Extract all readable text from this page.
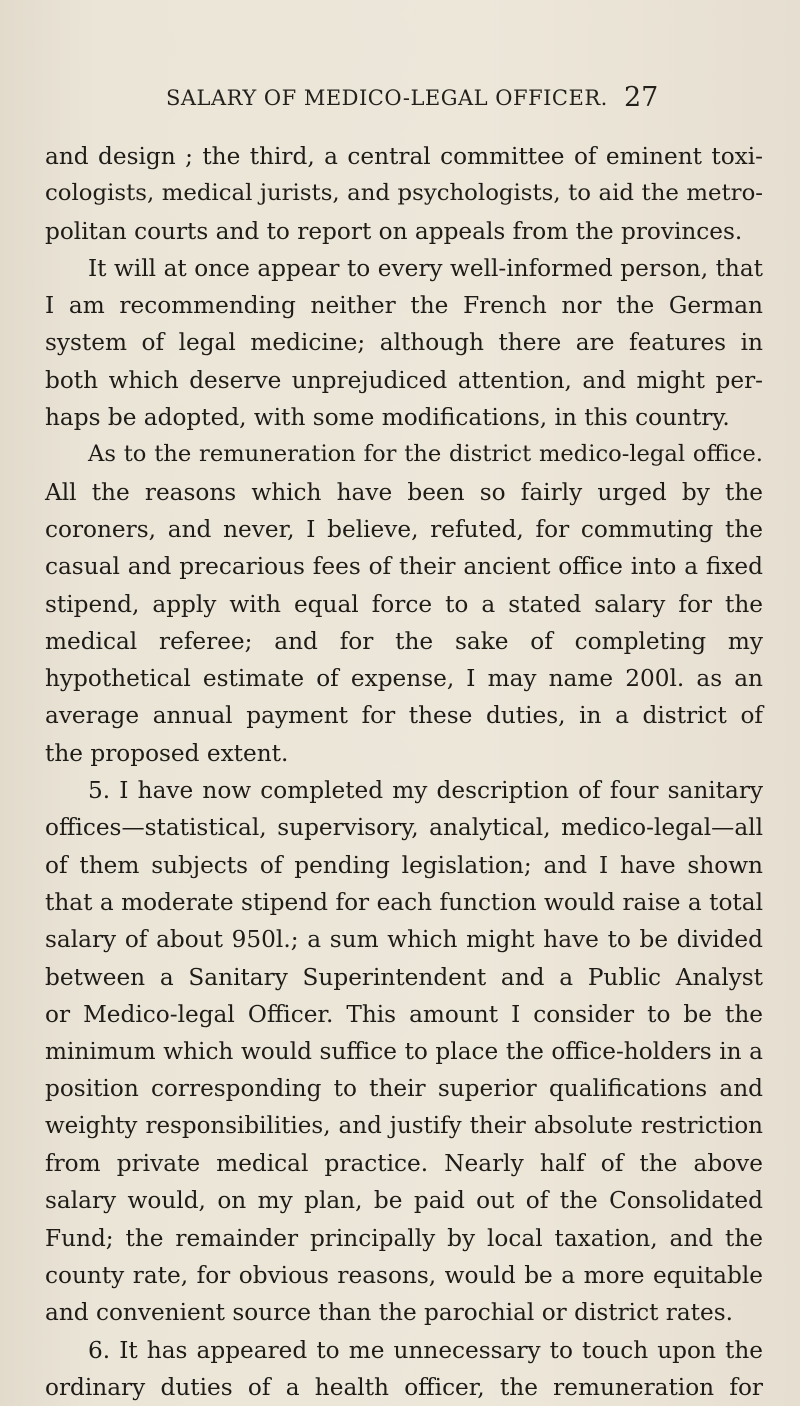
SALARY OF MEDICO-LEGAL OFFICER. 27
and design ; the third, a central committee of eminent toxi-
cologists, medical jurists, and psychologists, to aid the metro-
politan courts and to report on appeals from the provinces.
It will at once appear to every well-informed person, that
I am recommending neither the French nor the German
system of legal medicine; although there are features in
both which deserve unprejudiced attention, and might per-
haps be adopted, with some modifications, in this country.
As to the remuneration for the district medico-legal office.
All the reasons which have been so fairly urged by the
coroners, and never, I believe, refuted, for commuting the
casual and precarious fees of their ancient office into a fixed
stipend, apply with equal force to a stated salary for the
medical referee; and for the sake of completing my
hypothetical estimate of expense, I may name 200l. as an
average annual payment for these duties, in a district of
the proposed extent.
5. I have now completed my description of four sanitary
offices—statistical, supervisory, analytical, medico-legal—all
of them subjects of pending legislation; and I have shown
that a moderate stipend for each function would raise a total
salary of about 950l.; a sum which might have to be divided
between a Sanitary Superintendent and a Public Analyst
or Medico-legal Officer. This amount I consider to be the
minimum which would suffice to place the office-holders in a
position corresponding to their superior qualifications and
weighty responsibilities, and justify their absolute restriction
from private medical practice. Nearly half of the above
salary would, on my plan, be paid out of the Consolidated
Fund; the remainder principally by local taxation, and the
county rate, for obvious reasons, would be a more equitable
and convenient source than the parochial or district rates.
6. It has appeared to me unnecessary to touch upon the
ordinary duties of a health officer, the remuneration for
